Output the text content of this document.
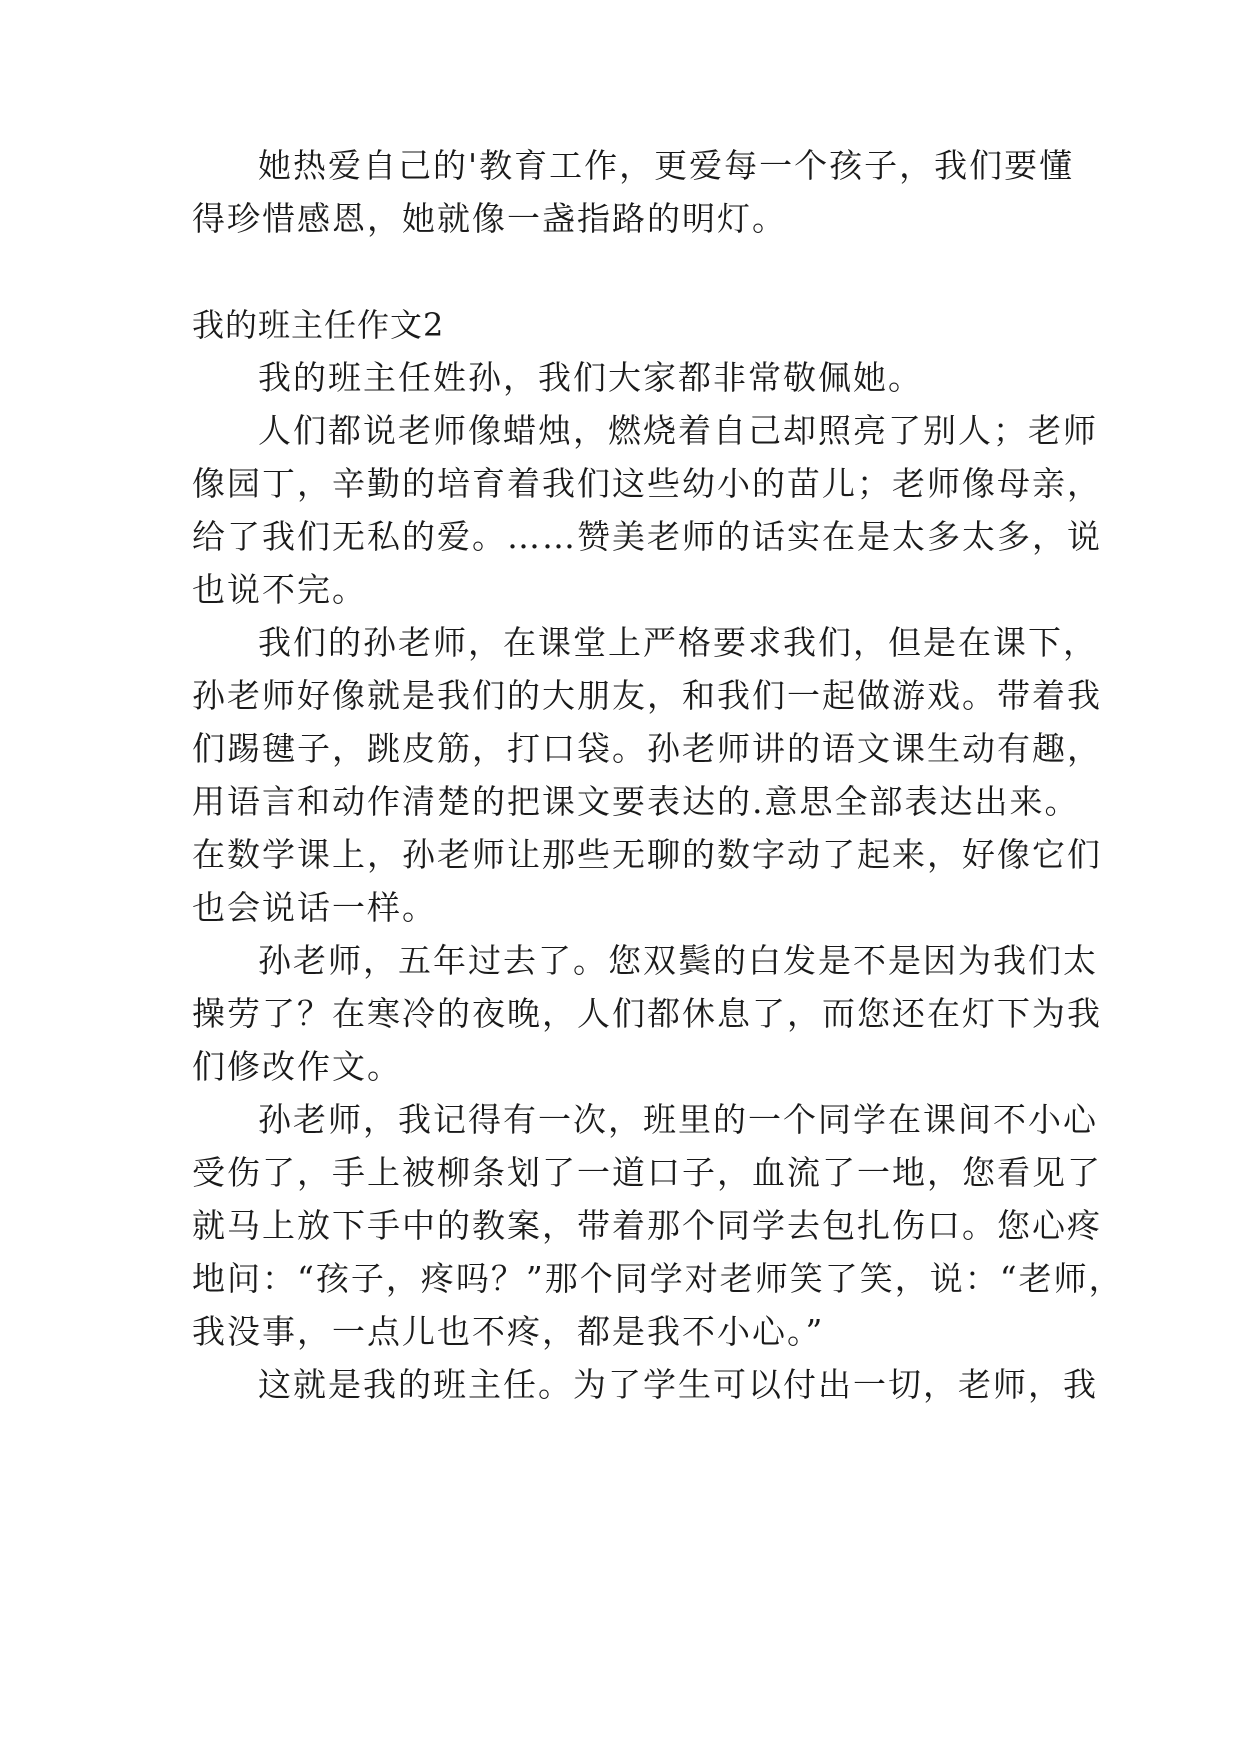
她热爱自己的'教育工作，更爱每一个孩子，我们要懂
得珍惜感恩，她就像一盏指路的明灯。
我的班主任作文2
我的班主任姓孙，我们大家都非常敬佩她。
人们都说老师像蜡烛，燃烧着自己却照亮了别人；老师
像园丁，辛勤的培育着我们这些幼小的苗儿；老师像母亲，
给了我们无私的爱。……赞美老师的话实在是太多太多，说
也说不完。
我们的孙老师，在课堂上严格要求我们，但是在课下，
孙老师好像就是我们的大朋友，和我们一起做游戏。带着我
们踢毽子，跳皮筋，打口袋。孙老师讲的语文课生动有趣，
用语言和动作清楚的把课文要表达的.意思全部表达出来。
在数学课上，孙老师让那些无聊的数字动了起来，好像它们
也会说话一样。
孙老师，五年过去了。您双鬓的白发是不是因为我们太
操劳了？在寒冷的夜晚，人们都休息了，而您还在灯下为我
们修改作文。
孙老师，我记得有一次，班里的一个同学在课间不小心
受伤了，手上被柳条划了一道口子，血流了一地，您看见了
就马上放下手中的教案，带着那个同学去包扎伤口。您心疼
地问：“孩子，疼吗？”那个同学对老师笑了笑，说：“老师，
我没事，一点儿也不疼，都是我不小心。”
这就是我的班主任。为了学生可以付出一切，老师，我
